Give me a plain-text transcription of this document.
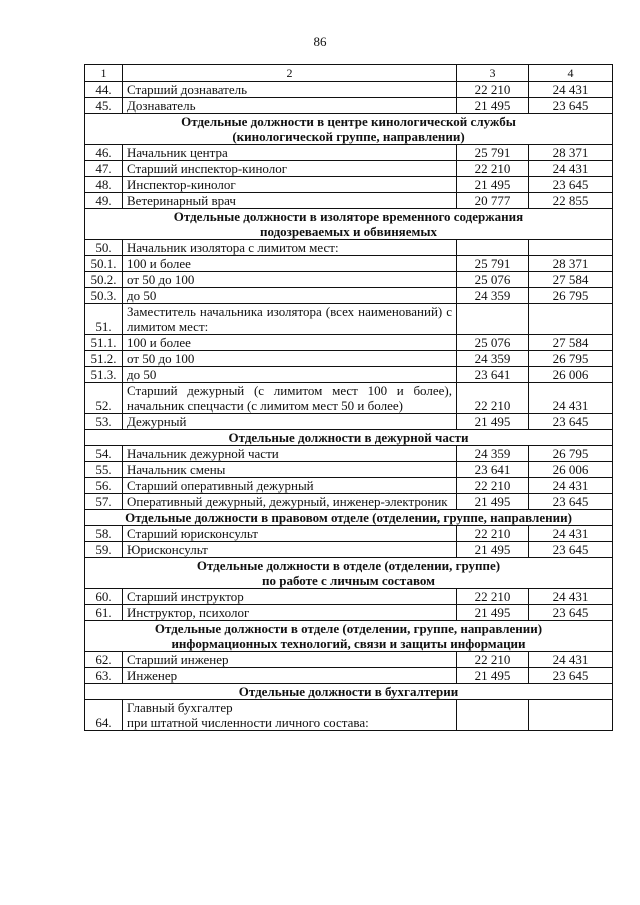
86
1	2	3	4
44.	Старший дознаватель	22 210	24 431
45.	Дознаватель	21 495	23 645

Отдельные должности в центре кинологической службы
(кинологической группе, направлении)			

46.	Начальник центра	25 791	28 371
47.	Старший инспектор-кинолог	22 210	24 431
48.	Инспектор-кинолог	21 495	23 645
49.	Ветеринарный врач	20 777	22 855

Отдельные должности в изоляторе временного содержания
подозреваемых и обвиняемых			

50.	Начальник изолятора с лимитом мест:		
50.1.	100 и более	25 791	28 371
50.2.	от 50 до 100	25 076	27 584
50.3.	до 50	24 359	26 795
51.	Заместитель начальника изолятора (всех наименований) с лимитом мест:		
51.1.	100 и более	25 076	27 584
51.2.	от 50 до 100	24 359	26 795
51.3.	до 50	23 641	26 006
52.	Старший дежурный (с лимитом мест 100 и более), начальник спецчасти (с лимитом мест 50 и более)	22 210	24 431
53.	Дежурный	21 495	23 645

Отдельные должности в дежурной части			

54.	Начальник дежурной части	24 359	26 795
55.	Начальник смены	23 641	26 006
56.	Старший оперативный дежурный	22 210	24 431
57.	Оперативный дежурный, дежурный, инженер-электроник	21 495	23 645

Отдельные должности в правовом отделе (отделении, группе, направлении)			

58.	Старший юрисконсульт	22 210	24 431
59.	Юрисконсульт	21 495	23 645

Отдельные должности в отделе (отделении, группе)
по работе с личным составом			

60.	Старший инструктор	22 210	24 431
61.	Инструктор, психолог	21 495	23 645

Отдельные должности в отделе (отделении, группе, направлении)
информационных технологий, связи и защиты информации			

62.	Старший инженер	22 210	24 431
63.	Инженер	21 495	23 645

Отдельные должности в бухгалтерии			

64.	Главный бухгалтер
при штатной численности личного состава:		
